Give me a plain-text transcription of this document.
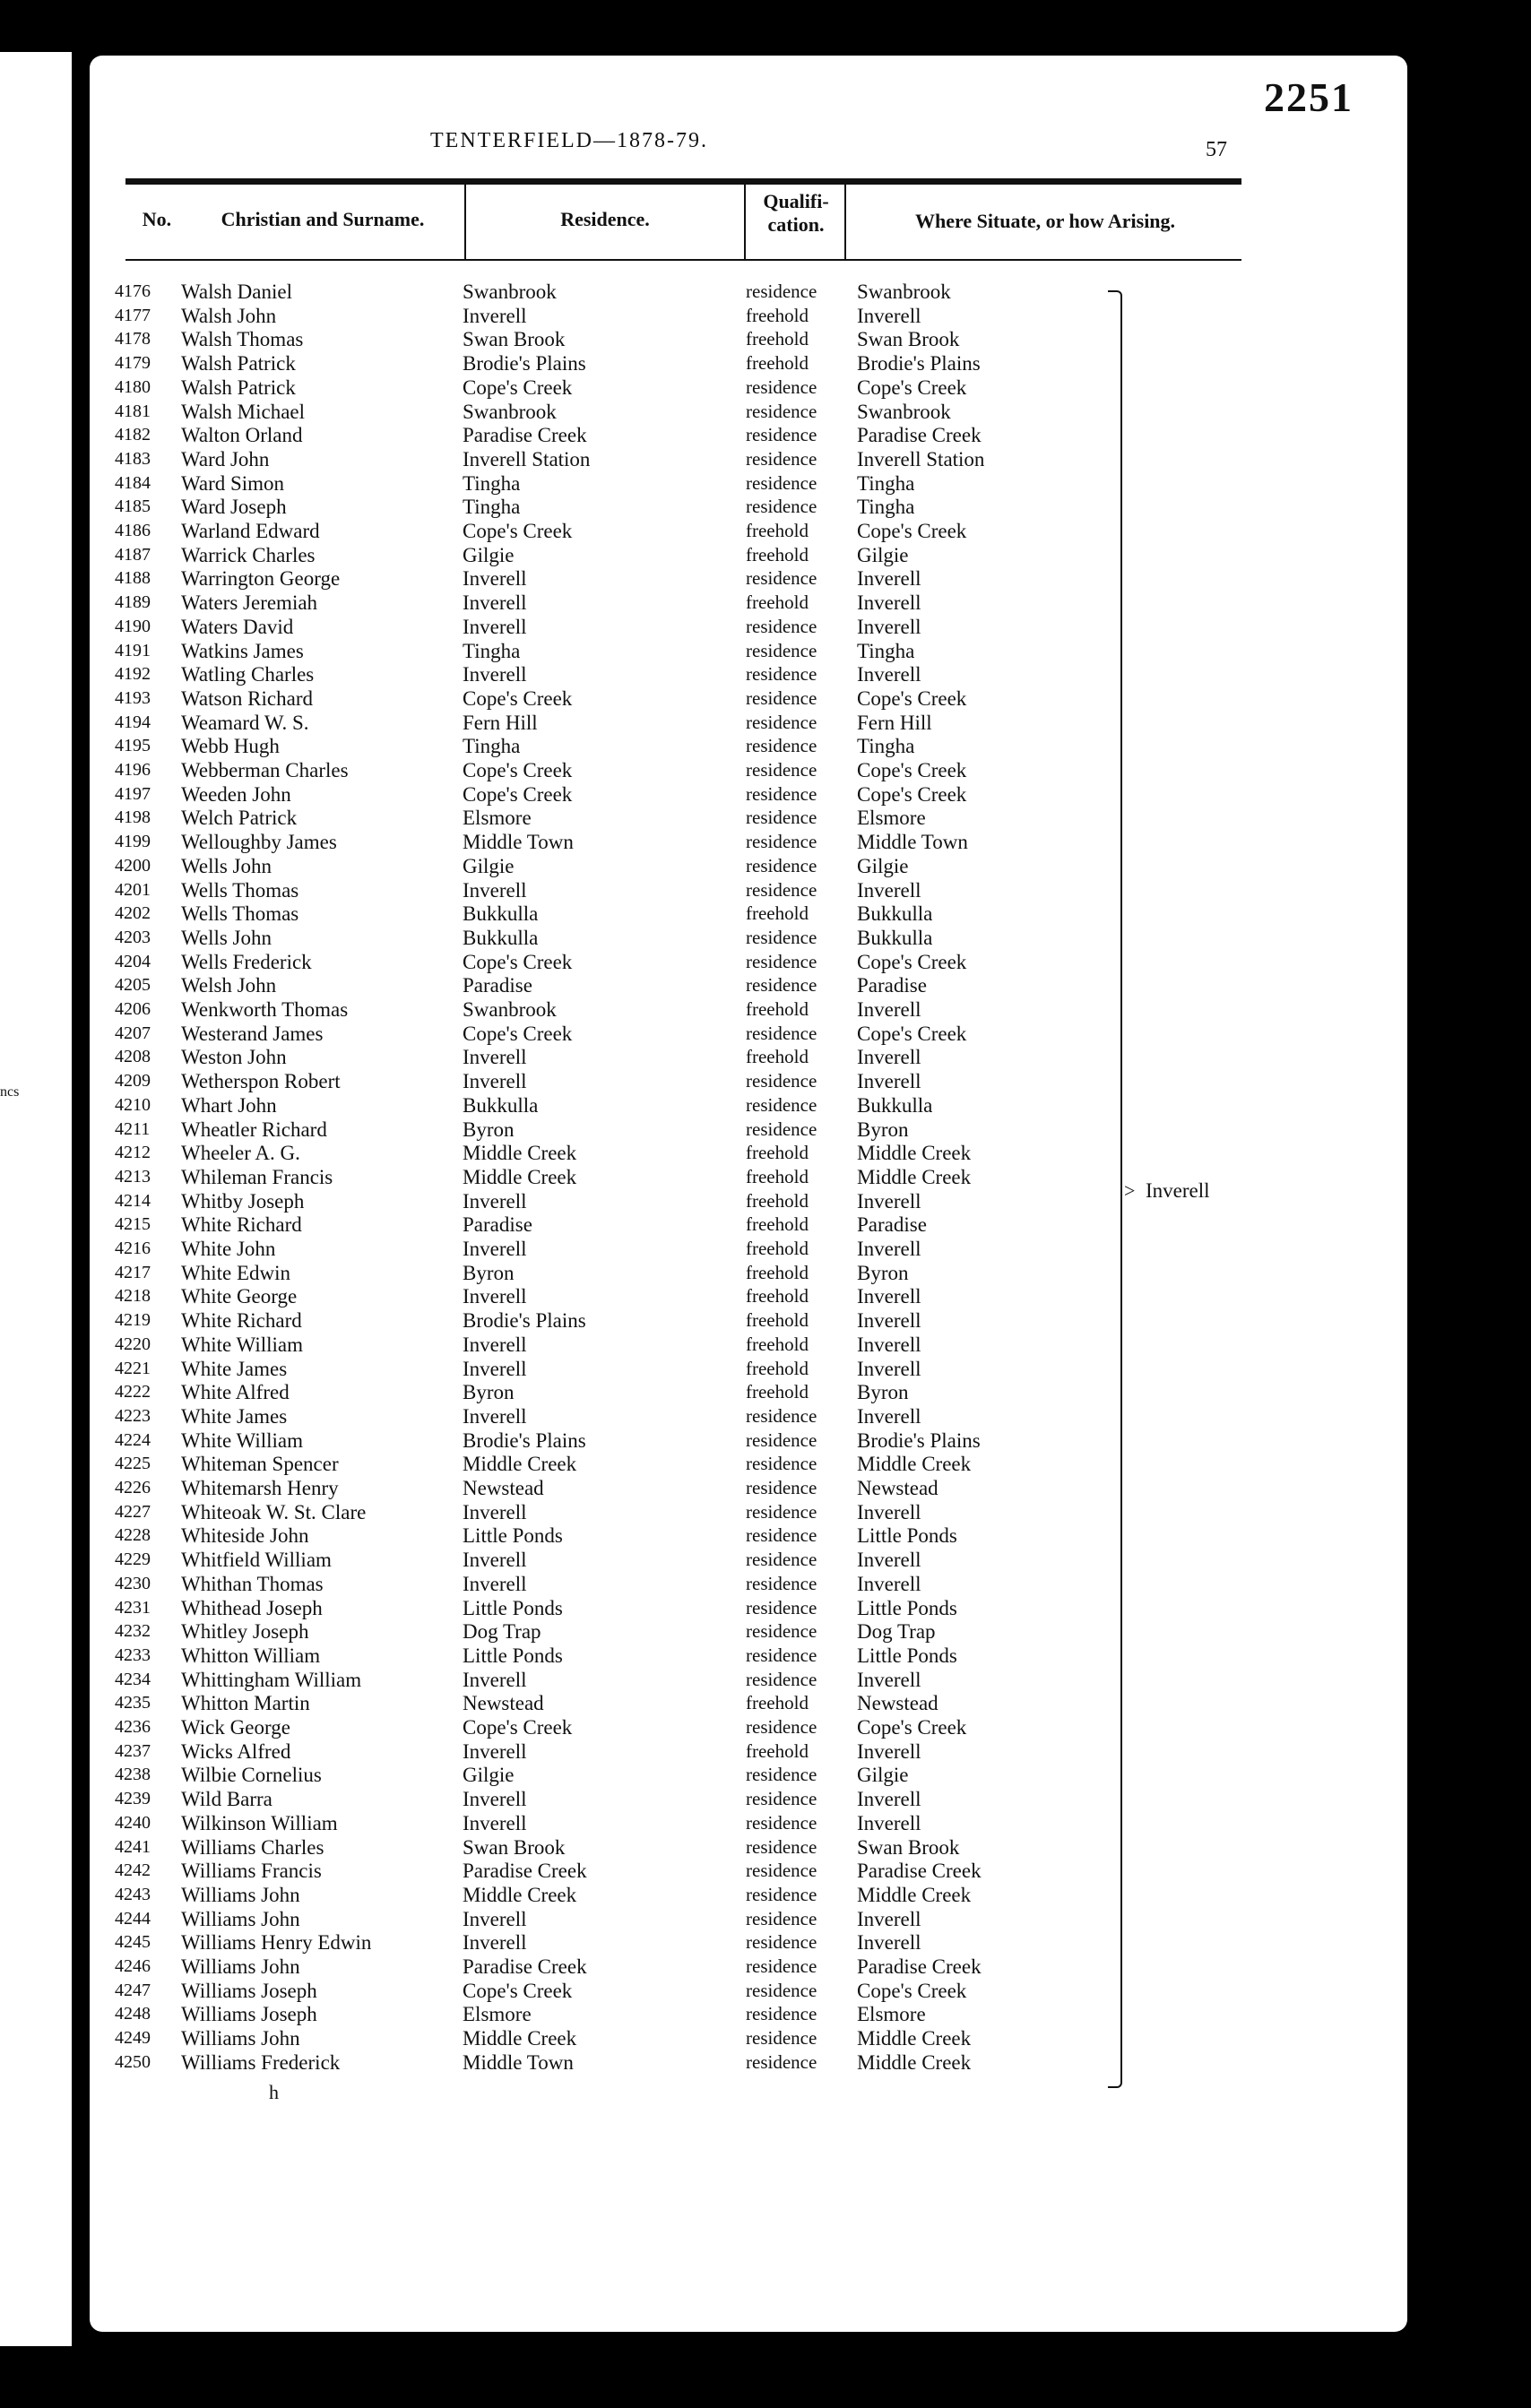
ncs
2251
TENTERFIELD—1878-79.	57
No.	Christian and Surname.	Residence.
Qualifi-cation.	Where Situate, or how Arising.
4176 Walsh Daniel	Swanbrook	residence Swanbrook
4177 Walsh John	Inverell	freehold Inverell
4178 Walsh Thomas	Swan Brook	freehold Swan Brook
4179 Walsh Patrick	Brodie's Plains	freehold Brodie's Plains
4180 Walsh Patrick	Cope's Creek	residence Cope's Creek
4181 Walsh Michael	Swanbrook	residence Swanbrook
4182 Walton Orland	Paradise Creek	residence Paradise Creek
4183 Ward John	Inverell Station	residence Inverell Station
4184 Ward Simon	Tingha	residence Tingha
4185 Ward Joseph	Tingha	residence Tingha
4186 Warland Edward	Cope's Creek	freehold Cope's Creek
4187 Warrick Charles	Gilgie	freehold Gilgie
4188 Warrington George	Inverell	residence Inverell
4189 Waters Jeremiah	Inverell	freehold Inverell
4190 Waters David	Inverell	residence Inverell
4191 Watkins James	Tingha	residence Tingha
4192 Watling Charles	Inverell	residence Inverell
4193 Watson Richard	Cope's Creek	residence Cope's Creek
4194 Weamard W. S.	Fern Hill	residence Fern Hill
4195 Webb Hugh	Tingha	residence Tingha
4196 Webberman Charles	Cope's Creek	residence Cope's Creek
4197 Weeden John	Cope's Creek	residence Cope's Creek
4198 Welch Patrick	Elsmore	residence Elsmore
4199 Welloughby James	Middle Town	residence Middle Town
4200 Wells John	Gilgie	residence Gilgie
4201 Wells Thomas	Inverell	residence Inverell
4202 Wells Thomas	Bukkulla	freehold Bukkulla
4203 Wells John	Bukkulla	residence Bukkulla
4204 Wells Frederick	Cope's Creek	residence Cope's Creek
4205 Welsh John	Paradise	residence Paradise
4206 Wenkworth Thomas	Swanbrook	freehold Inverell
4207 Westerand James	Cope's Creek	residence Cope's Creek
4208 Weston John	Inverell	freehold Inverell
4209 Wetherspon Robert	Inverell	residence Inverell
4210 Whart John	Bukkulla	residence Bukkulla
4211 Wheatler Richard	Byron	residence Byron
4212 Wheeler A. G.	Middle Creek	freehold Middle Creek
4213 Whileman Francis	Middle Creek	freehold Middle Creek
4214 Whitby Joseph	Inverell	freehold Inverell
4215 White Richard	Paradise	freehold Paradise
4216 White John	Inverell	freehold Inverell
4217 White Edwin	Byron	freehold Byron
4218 White George	Inverell	freehold Inverell
4219 White Richard	Brodie's Plains	freehold Inverell
4220 White William	Inverell	freehold Inverell
4221 White James	Inverell	freehold Inverell
4222 White Alfred	Byron	freehold Byron
4223 White James	Inverell	residence Inverell
4224 White William	Brodie's Plains	residence Brodie's Plains
4225 Whiteman Spencer	Middle Creek	residence Middle Creek
4226 Whitemarsh Henry	Newstead	residence Newstead
4227 Whiteoak W. St. Clare	Inverell	residence Inverell
4228 Whiteside John	Little Ponds	residence Little Ponds
4229 Whitfield William	Inverell	residence Inverell
4230 Whithan Thomas	Inverell	residence Inverell
4231 Whithead Joseph	Little Ponds	residence Little Ponds
4232 Whitley Joseph	Dog Trap	residence Dog Trap
4233 Whitton William	Little Ponds	residence Little Ponds
4234 Whittingham William	Inverell	residence Inverell
4235 Whitton Martin	Newstead	freehold Newstead
4236 Wick George	Cope's Creek	residence Cope's Creek
4237 Wicks Alfred	Inverell	freehold Inverell
4238 Wilbie Cornelius	Gilgie	residence Gilgie
4239 Wild Barra	Inverell	residence Inverell
4240 Wilkinson William	Inverell	residence Inverell
4241 Williams Charles	Swan Brook	residence Swan Brook
4242 Williams Francis	Paradise Creek	residence Paradise Creek
4243 Williams John	Middle Creek	residence Middle Creek
4244 Williams John	Inverell	residence Inverell
4245 Williams Henry Edwin	Inverell	residence Inverell
4246 Williams John	Paradise Creek	residence Paradise Creek
4247 Williams Joseph	Cope's Creek	residence Cope's Creek
4248 Williams Joseph	Elsmore	residence Elsmore
4249 Williams John	Middle Creek	residence Middle Creek
4250 Williams Frederick	Middle Town	residence Middle Creek
> Inverell
h
